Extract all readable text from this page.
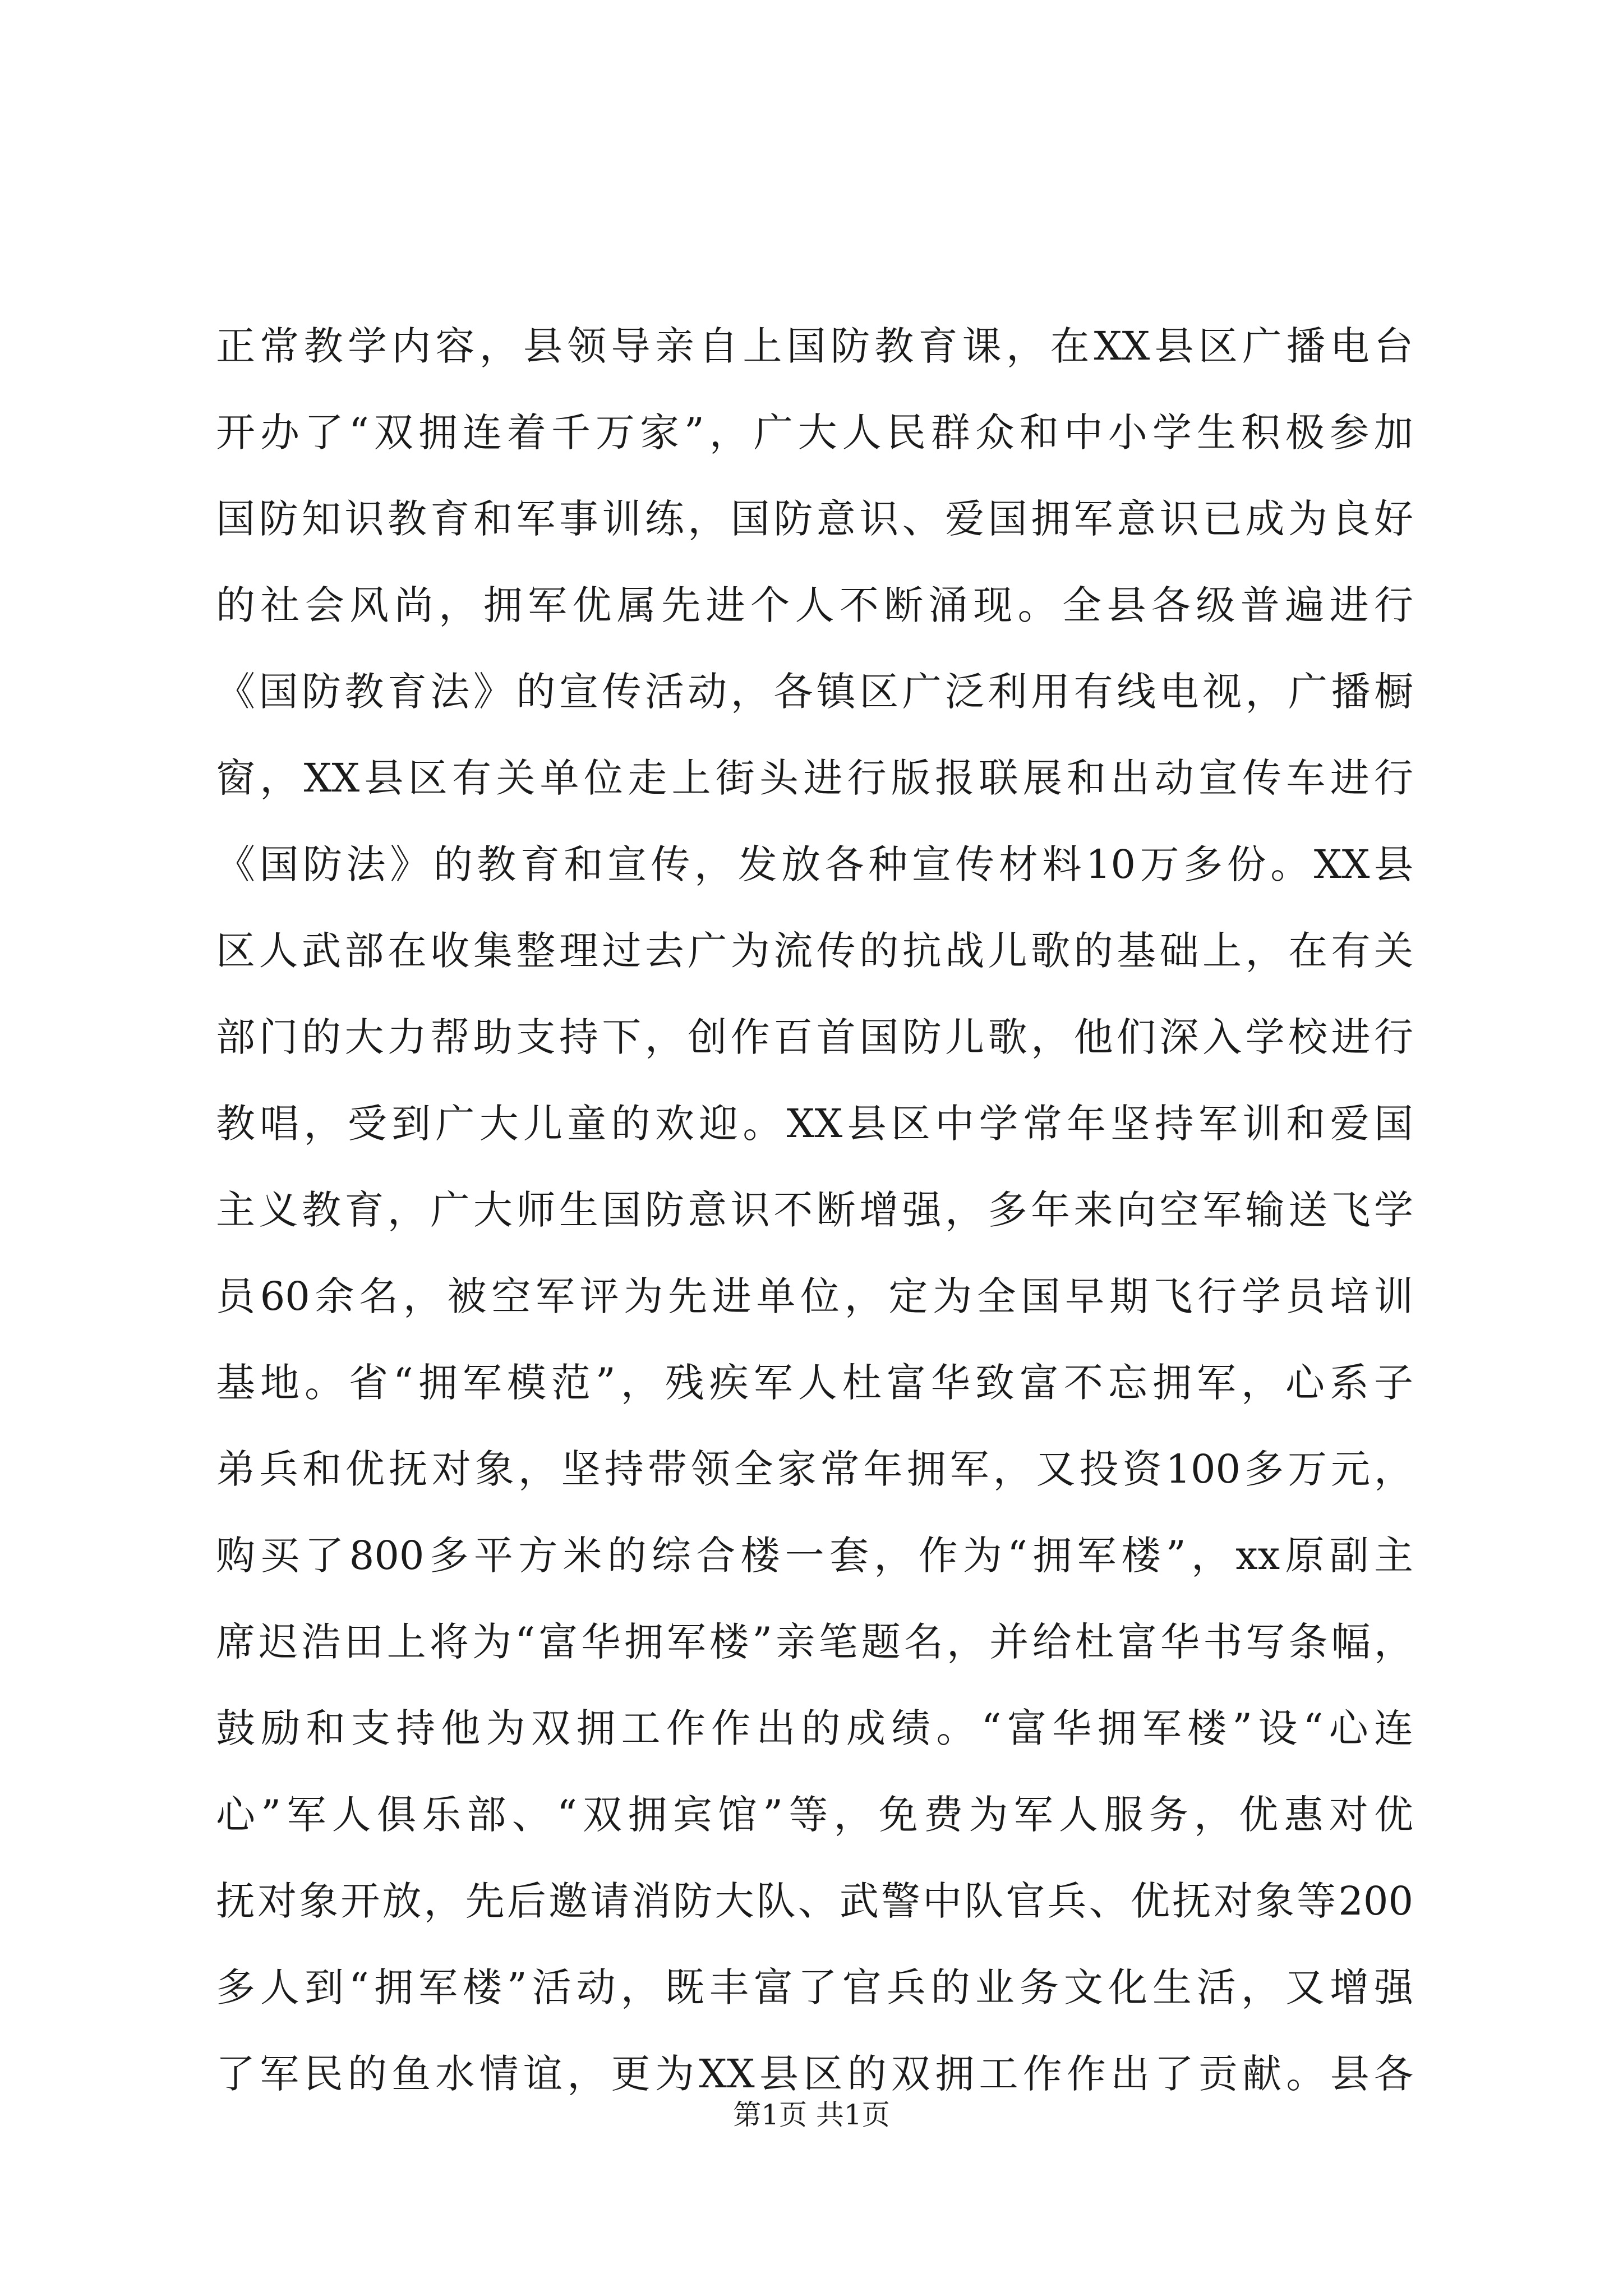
正常教学内容，县领导亲自上国防教育课，在XX县区广播电台
开办了“双拥连着千万家”，广大人民群众和中小学生积极参加
国防知识教育和军事训练，国防意识、爱国拥军意识已成为良好
的社会风尚，拥军优属先进个人不断涌现。全县各级普遍进行
《国防教育法》的宣传活动，各镇区广泛利用有线电视，广播橱
窗，XX县区有关单位走上街头进行版报联展和出动宣传车进行
《国防法》的教育和宣传，发放各种宣传材料10万多份。XX县
区人武部在收集整理过去广为流传的抗战儿歌的基础上，在有关
部门的大力帮助支持下，创作百首国防儿歌，他们深入学校进行
教唱，受到广大儿童的欢迎。XX县区中学常年坚持军训和爱国
主义教育，广大师生国防意识不断增强，多年来向空军输送飞学
员60余名，被空军评为先进单位，定为全国早期飞行学员培训
基地。省“拥军模范”，残疾军人杜富华致富不忘拥军，心系子
弟兵和优抚对象，坚持带领全家常年拥军，又投资100多万元，
购买了800多平方米的综合楼一套，作为“拥军楼”，xx原副主
席迟浩田上将为“富华拥军楼”亲笔题名，并给杜富华书写条幅，
鼓励和支持他为双拥工作作出的成绩。“富华拥军楼”设“心连
心”军人俱乐部、“双拥宾馆”等，免费为军人服务，优惠对优
抚对象开放，先后邀请消防大队、武警中队官兵、优抚对象等200
多人到“拥军楼”活动，既丰富了官兵的业务文化生活，又增强
了军民的鱼水情谊，更为XX县区的双拥工作作出了贡献。县各
第1页 共1页
